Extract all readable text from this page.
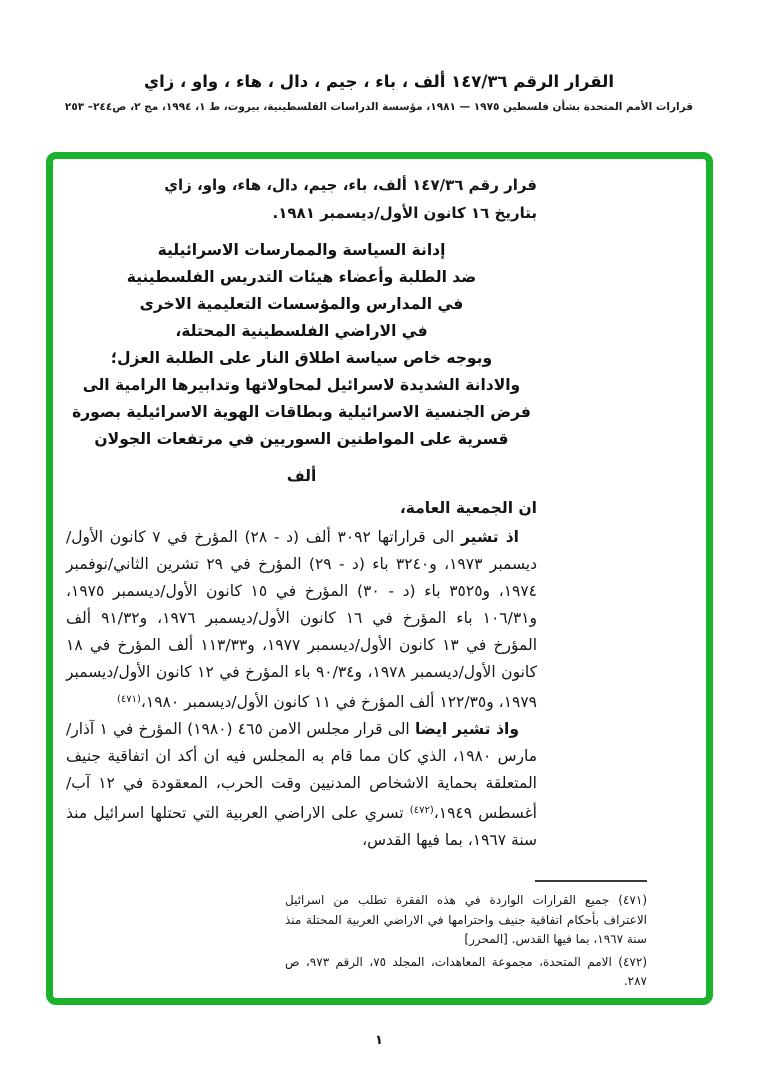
القرار الرقم ١٤٧/٣٦ ألف ، باء ، جيم ، دال ، هاء ، واو ، زاي
قرارات الأمم المتحدة بشأن فلسطين ١٩٧٥ — ١٩٨١، مؤسسة الدراسات الفلسطينية، بيروت، ط ١، ١٩٩٤، مج ٢، ص٢٤٤– ٢٥٣
قرار رقم ١٤٧/٣٦ ألف، باء، جيم، دال، هاء، واو، زاي بتاريخ ١٦ كانون الأول/ديسمبر ١٩٨١.
إدانة السياسة والممارسات الاسرائيلية
ضد الطلبة وأعضاء هيئات التدريس الفلسطينية
في المدارس والمؤسسات التعليمية الاخرى
في الاراضي الفلسطينية المحتلة،
وبوجه خاص سياسة اطلاق النار على الطلبة العزل؛
والادانة الشديدة لاسرائيل لمحاولاتها وتدابيرها الرامية الى
فرض الجنسية الاسرائيلية وبطاقات الهوية الاسرائيلية بصورة
قسرية على المواطنين السوريين في مرتفعات الجولان
ألف

ان الجمعية العامة،

اذ تشير الى قراراتها ٣٠٩٢ ألف (د - ٢٨) المؤرخ في ٧ كانون الأول/ديسمبر ١٩٧٣، و٣٢٤٠ باء (د - ٢٩) المؤرخ في ٢٩ تشرين الثاني/نوفمبر ١٩٧٤، و٣٥٢٥ باء (د - ٣٠) المؤرخ في ١٥ كانون الأول/ديسمبر ١٩٧٥، و١٠٦/٣١ باء المؤرخ في ١٦ كانون الأول/ديسمبر ١٩٧٦، و٩١/٣٢ ألف المؤرخ في ١٣ كانون الأول/ديسمبر ١٩٧٧، و١١٣/٣٣ ألف المؤرخ في ١٨ كانون الأول/ديسمبر ١٩٧٨، و٩٠/٣٤ باء المؤرخ في ١٢ كانون الأول/ديسمبر ١٩٧٩، و١٢٢/٣٥ ألف المؤرخ في ١١ كانون الأول/ديسمبر ١٩٨٠،$^{(٤٧١)}$

واذ تشير ايضا الى قرار مجلس الامن ٤٦٥ (١٩٨٠) المؤرخ في ١ آذار/مارس ١٩٨٠، الذي كان مما قام به المجلس فيه ان أكد ان اتفاقية جنيف المتعلقة بحماية الاشخاص المدنيين وقت الحرب، المعقودة في ١٢ آب/أغسطس ١٩٤٩،$^{(٤٧٢)}$ تسري على الاراضي العربية التي تحتلها اسرائيل منذ سنة ١٩٦٧، بما فيها القدس،

(٤٧١) جميع القرارات الواردة في هذه الفقرة تطلب من اسرائيل الاعتراف بأحكام اتفاقية جنيف واحترامها في الاراضي العربية المحتلة منذ سنة ١٩٦٧، بما فيها القدس. [المحرر]

(٤٧٢) الامم المتحدة، مجموعة المعاهدات، المجلد ٧٥، الرقم ٩٧٣، ص ٢٨٧.

١
